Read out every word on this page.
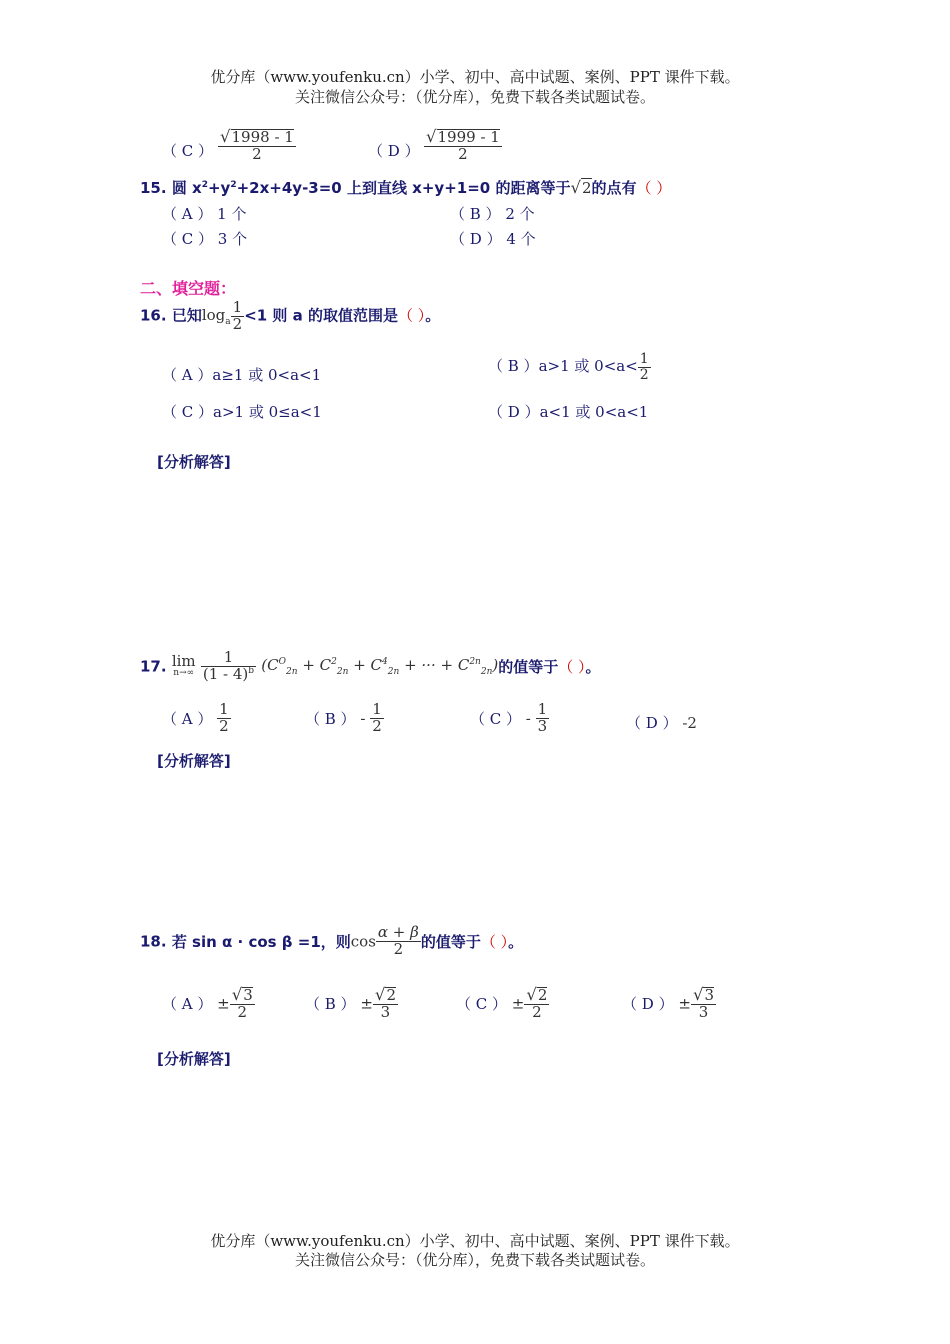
优分库（www.youfenku.cn）小学、初中、高中试题、案例、PPT 课件下载。
关注微信公众号：（优分库），免费下载各类试题试卷。
（ C ） $\frac{√1998 - 1}{2}$	（ D ） $\frac{√1999 - 1}{2}$
15. 圆 $x^2+y^2+2x+4y-3=0$ 上到直线 x+y+1=0 的距离等于√2的点有（ ）
（ A ） 1 个	（ B ） 2 个
（ C ） 3 个	（ D ） 4 个
二、填空题：
16. 已知$\log_a \frac{1}{2} <1$ 则 a 的取值范围是（ ）。
（ A ）a≥1 或 0<a<1	（ B ）a>1 或 $0<a< \frac{1}{2}$
（ C ）a>1 或 0≤a<1	（ D ）a<1 或 0<a<1
[分析解答]
17. lim
n→∞
$\frac{1}{(1 - 4)^b} (C^O_{2n} + C^2_{2n} + C^4_{2n}$ + ··· + $C^{2n}_{2n}$)的值等于（ ）。
（ A ） $\frac{1}{2}$	（ B ） - $\frac{1}{2}$	（ C ） - $\frac{1}{3}$	（ D ） -2
[分析解答]
18. 若 sin α · cos β =1，则$\cos \frac{\alpha + \beta}{2}$ 的值等于（ ）。
（ A ） ± $\frac{√3}{2}$	（ B ） ± $\frac{√2}{3}$	（ C ） ± $\frac{√2}{2}$	（ D ） ± $\frac{√3}{3}$
[分析解答]
优分库（www.youfenku.cn）小学、初中、高中试题、案例、PPT 课件下载。
关注微信公众号：（优分库），免费下载各类试题试卷。
